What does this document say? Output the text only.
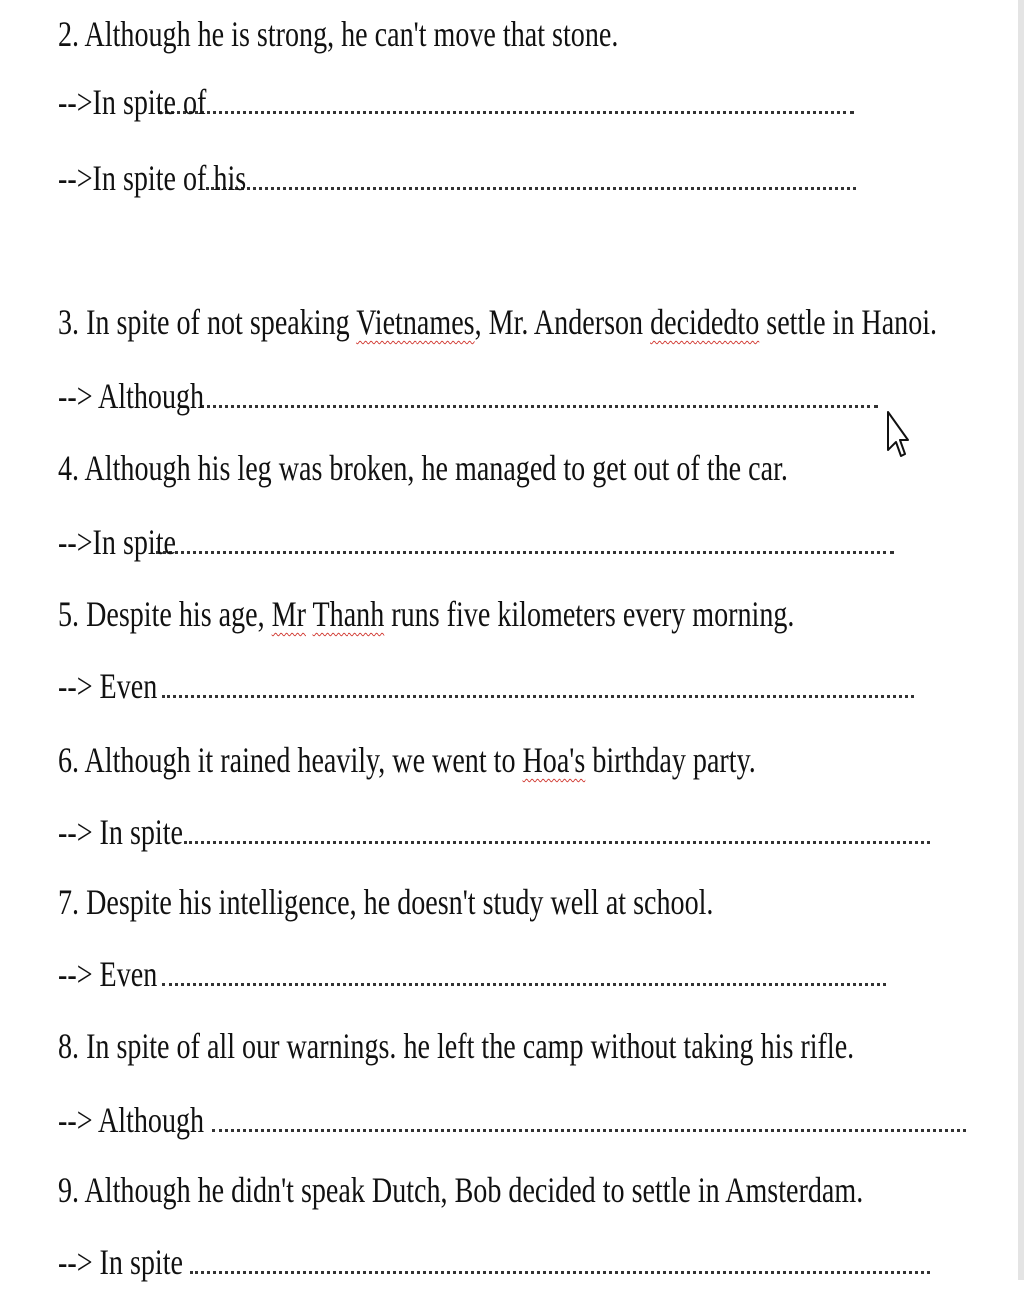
2. Although he is strong, he can't move that stone.
-->In spite of
-->In spite of his
3. In spite of not speaking Vietnames, Mr. Anderson decidedto settle in Hanoi.
--> Although
4. Although his leg was broken, he managed to get out of the car.
-->In spite
5. Despite his age, Mr Thanh runs five kilometers every morning.
--> Even
6. Although it rained heavily, we went to Hoa's birthday party.
--> In spite
7. Despite his intelligence, he doesn't study well at school.
--> Even
8. In spite of all our warnings. he left the camp without taking his rifle.
--> Although
9. Although he didn't speak Dutch, Bob decided to settle in Amsterdam.
--> In spite
